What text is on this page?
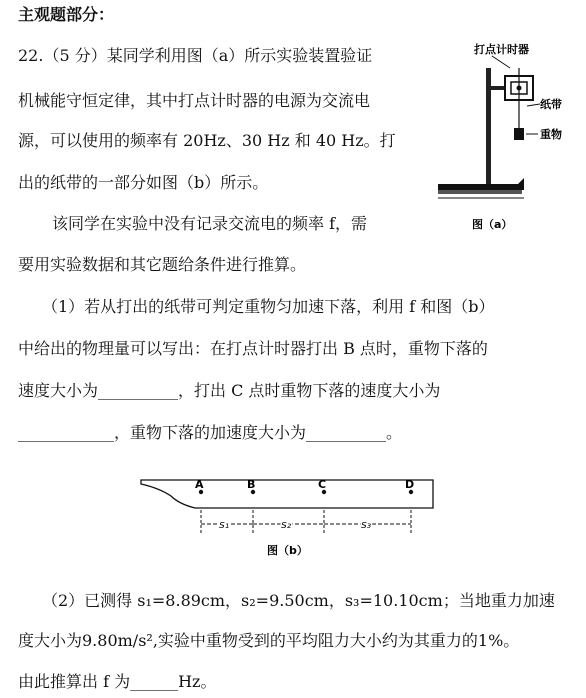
主观题部分：
22.（5 分）某同学利用图（a）所示实验装置验证
机械能守恒定律，其中打点计时器的电源为交流电
源，可以使用的频率有 20Hz、30 Hz 和 40 Hz。打
出的纸带的一部分如图（b）所示。
该同学在实验中没有记录交流电的频率 f，需
要用实验数据和其它题给条件进行推算。
（1）若从打出的纸带可判定重物匀加速下落，利用 f 和图（b）
中给出的物理量可以写出：在打点计时器打出 B 点时，重物下落的
速度大小为__________，打出 C 点时重物下落的速度大小为
____________，重物下落的加速度大小为__________。
（2）已测得 s₁=8.89cm，s₂=9.50cm，s₃=10.10cm；当地重力加速
度大小为9.80m/s²,实验中重物受到的平均阻力大小约为其重力的1%。
由此推算出 f 为______Hz。
打点计时器
纸带
重物
图（a）
A	B	C	D
s₁	s₂	s₃
图（b）
